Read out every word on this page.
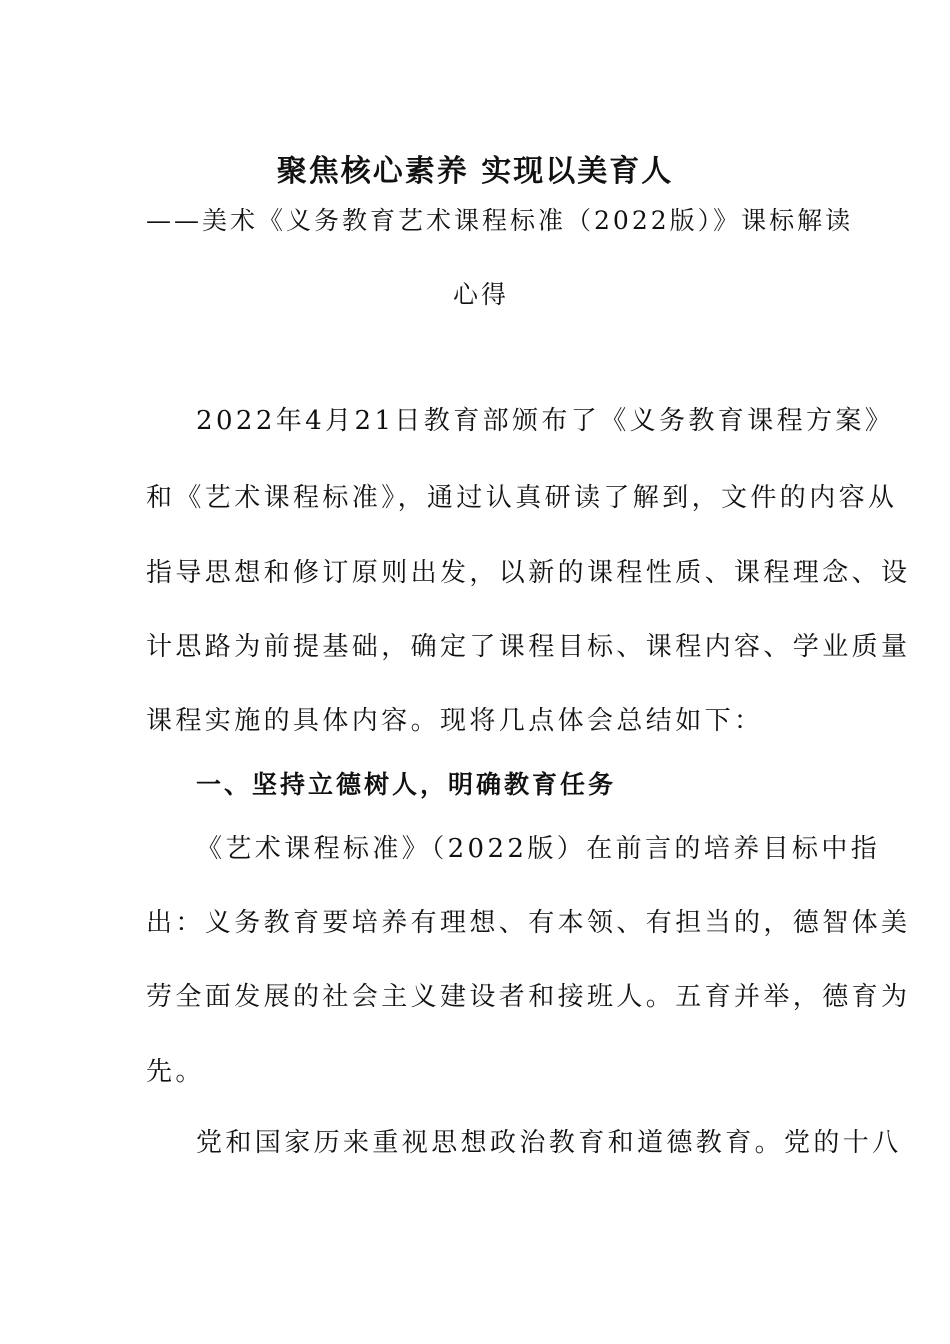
聚焦核心素养 实现以美育人
——美术《义务教育艺术课程标准（2022版）》课标解读
心得
2022年4月21日教育部颁布了《义务教育课程方案》
和《艺术课程标准》，通过认真研读了解到，文件的内容从
指导思想和修订原则出发，以新的课程性质、课程理念、设
计思路为前提基础，确定了课程目标、课程内容、学业质量
课程实施的具体内容。现将几点体会总结如下：
一、坚持立德树人，明确教育任务
《艺术课程标准》（2022版）在前言的培养目标中指
出：义务教育要培养有理想、有本领、有担当的，德智体美
劳全面发展的社会主义建设者和接班人。五育并举，德育为
先。
党和国家历来重视思想政治教育和道德教育。党的十八
